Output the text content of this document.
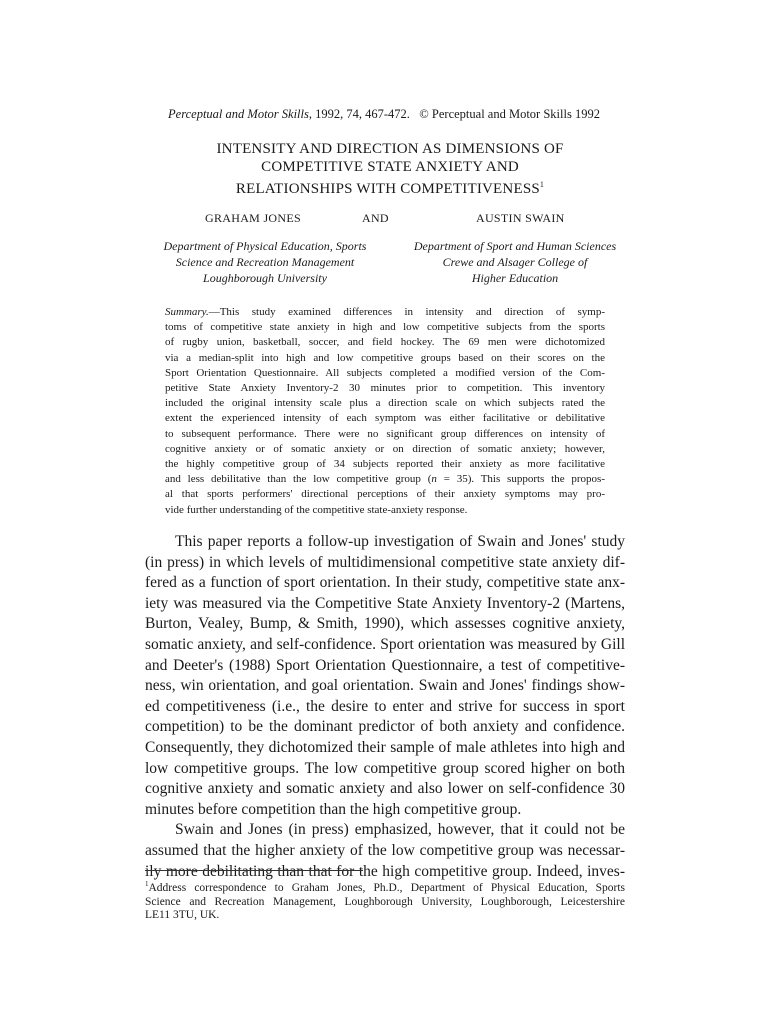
Perceptual and Motor Skills, 1992, 74, 467-472. © Perceptual and Motor Skills 1992
INTENSITY AND DIRECTION AS DIMENSIONS OF
COMPETITIVE STATE ANXIETY AND
RELATIONSHIPS WITH COMPETITIVENESS$^1$
GRAHAM JONES	AND	AUSTIN SWAIN
Department of Physical Education, Sports
Science and Recreation Management
Loughborough University
Department of Sport and Human Sciences
Crewe and Alsager College of
Higher Education
Summary.—This study examined differences in intensity and direction of symp-
toms of competitive state anxiety in high and low competitive subjects from the sports
of rugby union, basketball, soccer, and field hockey. The 69 men were dichotomized
via a median-split into high and low competitive groups based on their scores on the
Sport Orientation Questionnaire. All subjects completed a modified version of the Com-
petitive State Anxiety Inventory-2 30 minutes prior to competition. This inventory
included the original intensity scale plus a direction scale on which subjects rated the
extent the experienced intensity of each symptom was either facilitative or debilitative
to subsequent performance. There were no significant group differences on intensity of
cognitive anxiety or of somatic anxiety or on direction of somatic anxiety; however,
the highly competitive group of 34 subjects reported their anxiety as more facilitative
and less debilitative than the low competitive group (n = 35). This supports the propos-
al that sports performers' directional perceptions of their anxiety symptoms may pro-
vide further understanding of the competitive state-anxiety response.
This paper reports a follow-up investigation of Swain and Jones' study
(in press) in which levels of multidimensional competitive state anxiety dif-
fered as a function of sport orientation. In their study, competitive state anx-
iety was measured via the Competitive State Anxiety Inventory-2 (Martens,
Burton, Vealey, Bump, & Smith, 1990), which assesses cognitive anxiety,
somatic anxiety, and self-confidence. Sport orientation was measured by Gill
and Deeter's (1988) Sport Orientation Questionnaire, a test of competitive-
ness, win orientation, and goal orientation. Swain and Jones' findings show-
ed competitiveness (i.e., the desire to enter and strive for success in sport
competition) to be the dominant predictor of both anxiety and confidence.
Consequently, they dichotomized their sample of male athletes into high and
low competitive groups. The low competitive group scored higher on both
cognitive anxiety and somatic anxiety and also lower on self-confidence 30
minutes before competition than the high competitive group.
Swain and Jones (in press) emphasized, however, that it could not be
assumed that the higher anxiety of the low competitive group was necessar-
ily more debilitating than that for the high competitive group. Indeed, inves-
$^1$Address correspondence to Graham Jones, Ph.D., Department of Physical Education, Sports
Science and Recreation Management, Loughborough University, Loughborough, Leicestershire
LE11 3TU, UK.
